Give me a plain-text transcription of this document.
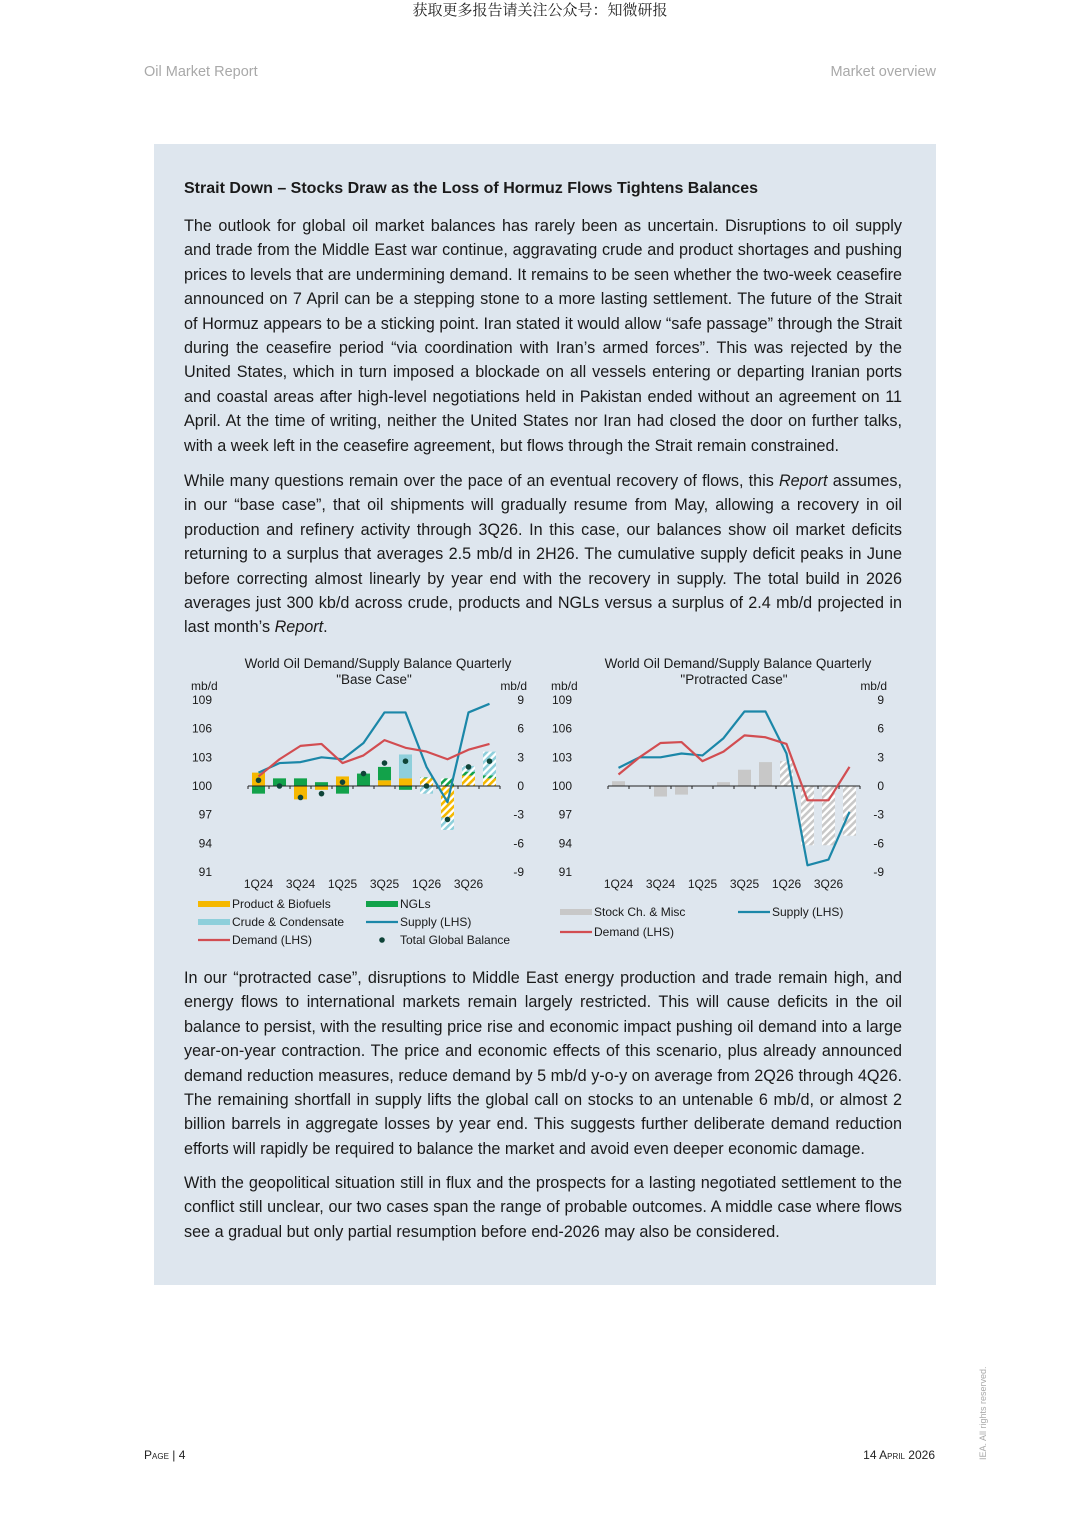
获取更多报告请关注公众号：知微研报
Oil Market Report	Market overview
Strait Down – Stocks Draw as the Loss of Hormuz Flows Tightens Balances

The outlook for global oil market balances has rarely been as uncertain. Disruptions to oil supply and trade from the Middle East war continue, aggravating crude and product shortages and pushing prices to levels that are undermining demand. It remains to be seen whether the two-week ceasefire announced on 7 April can be a stepping stone to a more lasting settlement. The future of the Strait of Hormuz appears to be a sticking point. Iran stated it would allow “safe passage” through the Strait during the ceasefire period “via coordination with Iran’s armed forces”. This was rejected by the United States, which in turn imposed a blockade on all vessels entering or departing Iranian ports and coastal areas after high-level negotiations held in Pakistan ended without an agreement on 11 April. At the time of writing, neither the United States nor Iran had closed the door on further talks, with a week left in the ceasefire agreement, but flows through the Strait remain constrained.

While many questions remain over the pace of an eventual recovery of flows, this Report assumes, in our “base case”, that oil shipments will gradually resume from May, allowing a recovery in oil production and refinery activity through 3Q26. In this case, our balances show oil market deficits returning to a surplus that averages 2.5 mb/d in 2H26. The cumulative supply deficit peaks in June before correcting almost linearly by year end with the recovery in supply. The total build in 2026 averages just 300 kb/d across crude, products and NGLs versus a surplus of 2.4 mb/d projected in last month’s Report.

World Oil Demand/Supply Balance Quarterly
"Base Case"
mb/d	mb/d
109
106
103
100
97
94
91
9
6
3
0
-3
-6
-9
1Q24 3Q24 1Q25 3Q25 1Q26 3Q26
Product & Biofuels	NGLs
Crude & Condensate	Supply (LHS)
Demand (LHS)	Total Global Balance
World Oil Demand/Supply Balance Quarterly
"Protracted Case"
mb/d	mb/d
109
106
103
100
97
94
91
9
6
3
0
-3
-6
-9
1Q24 3Q24 1Q25 3Q25 1Q26 3Q26
Stock Ch. & Misc	Supply (LHS)
Demand (LHS)

In our “protracted case”, disruptions to Middle East energy production and trade remain high, and energy flows to international markets remain largely restricted. This will cause deficits in the oil balance to persist, with the resulting price rise and economic impact pushing oil demand into a large year-on-year contraction. The price and economic effects of this scenario, plus already announced demand reduction measures, reduce demand by 5 mb/d y-o-y on average from 2Q26 through 4Q26. The remaining shortfall in supply lifts the global call on stocks to an untenable 6 mb/d, or almost 2 billion barrels in aggregate losses by year end. This suggests further deliberate demand reduction efforts will rapidly be required to balance the market and avoid even deeper economic damage.

With the geopolitical situation still in flux and the prospects for a lasting negotiated settlement to the conflict still unclear, our two cases span the range of probable outcomes. A middle case where flows see a gradual but only partial resumption before end-2026 may also be considered.

Page | 4	14 April 2026	IEA. All rights reserved.
